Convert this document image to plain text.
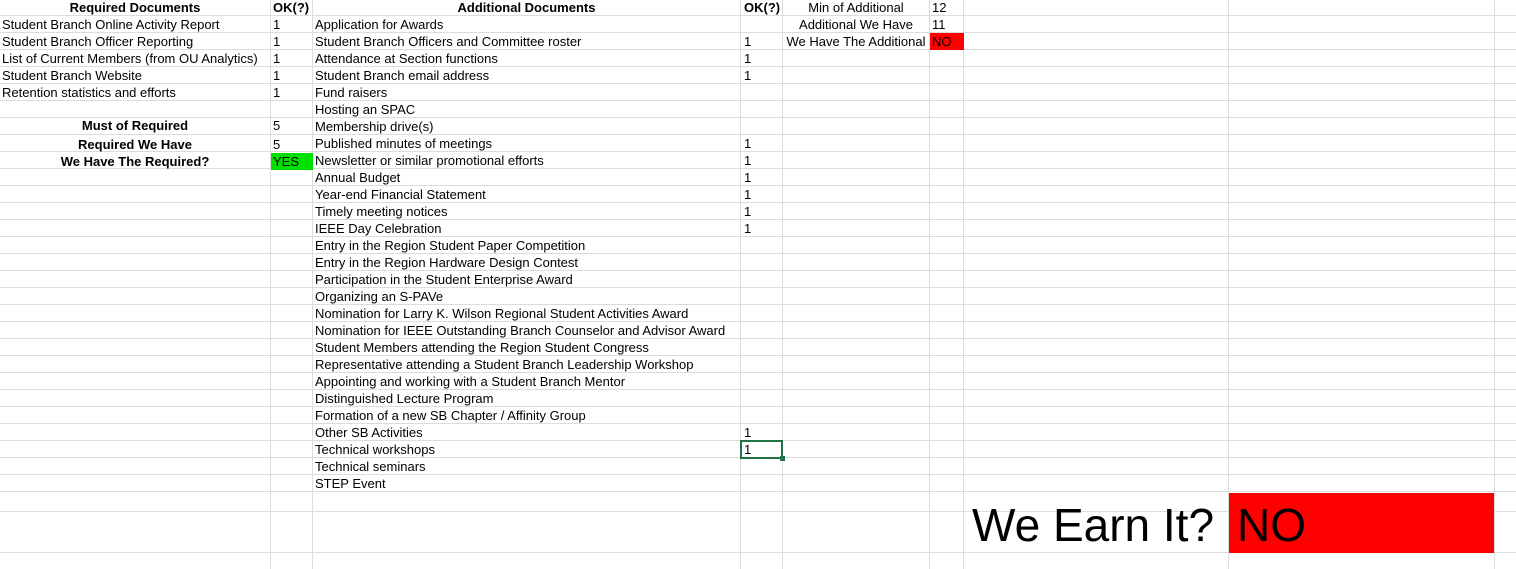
Required Documents	OK(?)
Student Branch Online Activity Report	1
Student Branch Officer Reporting	1
List of Current Members (from OU Analytics)	1
Student Branch Website	1
Retention statistics and efforts	1
Must of Required	5
Required We Have	5
We Have The Required?	YES
Additional Documents	OK(?)
Application for Awards
Student Branch Officers and Committee roster	1
Attendance at Section functions	1
Student Branch email address	1
Fund raisers
Hosting an SPAC
Membership drive(s)
Published minutes of meetings	1
Newsletter or similar promotional efforts	1
Annual Budget	1
Year-end Financial Statement	1
Timely meeting notices	1
IEEE Day Celebration	1
Entry in the Region Student Paper Competition
Entry in the Region Hardware Design Contest
Participation in the Student Enterprise Award
Organizing an S-PAVe
Nomination for Larry K. Wilson Regional Student Activities Award
Nomination for IEEE Outstanding Branch Counselor and Advisor Award
Student Members attending the Region Student Congress
Representative attending a Student Branch Leadership Workshop
Appointing and working with a Student Branch Mentor
Distinguished Lecture Program
Formation of a new SB Chapter / Affinity Group
Other SB Activities	1
Technical workshops	1
Technical seminars
STEP Event
Min of Additional	12
Additional We Have	11
We Have The Additional NO
We Earn It? NO
